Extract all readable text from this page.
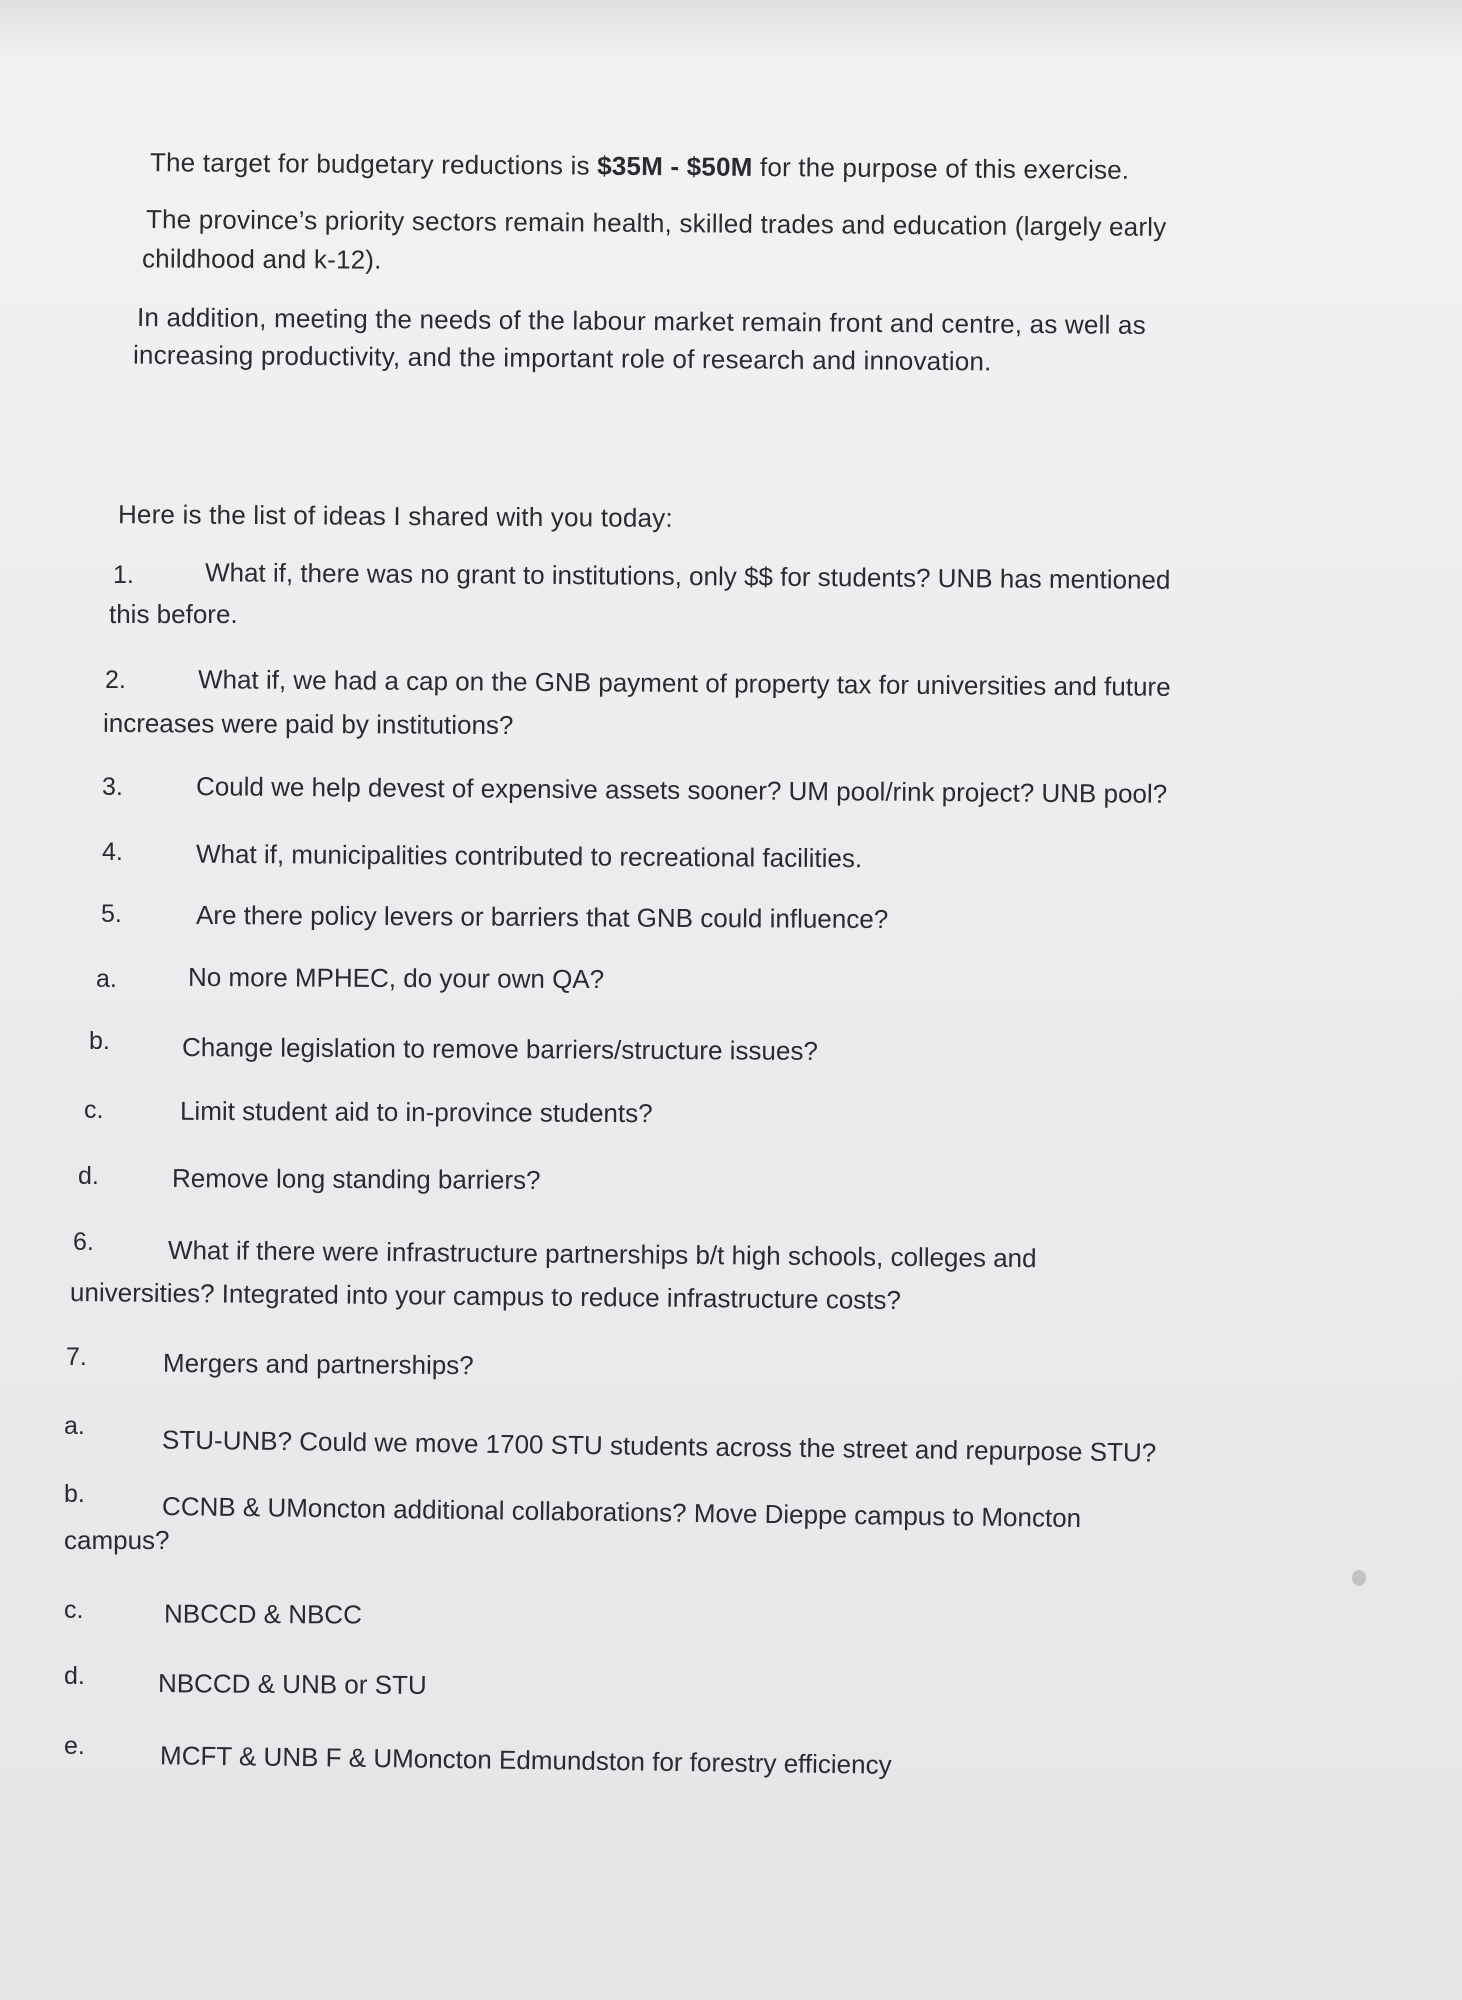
The target for budgetary reductions is $35M - $50M for the purpose of this exercise.
The province’s priority sectors remain health, skilled trades and education (largely early
childhood and k-12).
In addition, meeting the needs of the labour market remain front and centre, as well as
increasing productivity, and the important role of research and innovation.
Here is the list of ideas I shared with you today:
1.	What if, there was no grant to institutions, only $$ for students? UNB has mentioned
this before.
2.	What if, we had a cap on the GNB payment of property tax for universities and future
increases were paid by institutions?
3.	Could we help devest of expensive assets sooner? UM pool/rink project? UNB pool?
4.	What if, municipalities contributed to recreational facilities.
5.	Are there policy levers or barriers that GNB could influence?
a.	No more MPHEC, do your own QA?
b.	Change legislation to remove barriers/structure issues?
c.	Limit student aid to in-province students?
d.	Remove long standing barriers?
6.	What if there were infrastructure partnerships b/t high schools, colleges and
universities? Integrated into your campus to reduce infrastructure costs?
7.	Mergers and partnerships?
a.	STU-UNB? Could we move 1700 STU students across the street and repurpose STU?
b.	CCNB & UMoncton additional collaborations? Move Dieppe campus to Moncton
campus?
c.	NBCCD & NBCC
d.	NBCCD & UNB or STU
e.	MCFT & UNB F & UMoncton Edmundston for forestry efficiency
